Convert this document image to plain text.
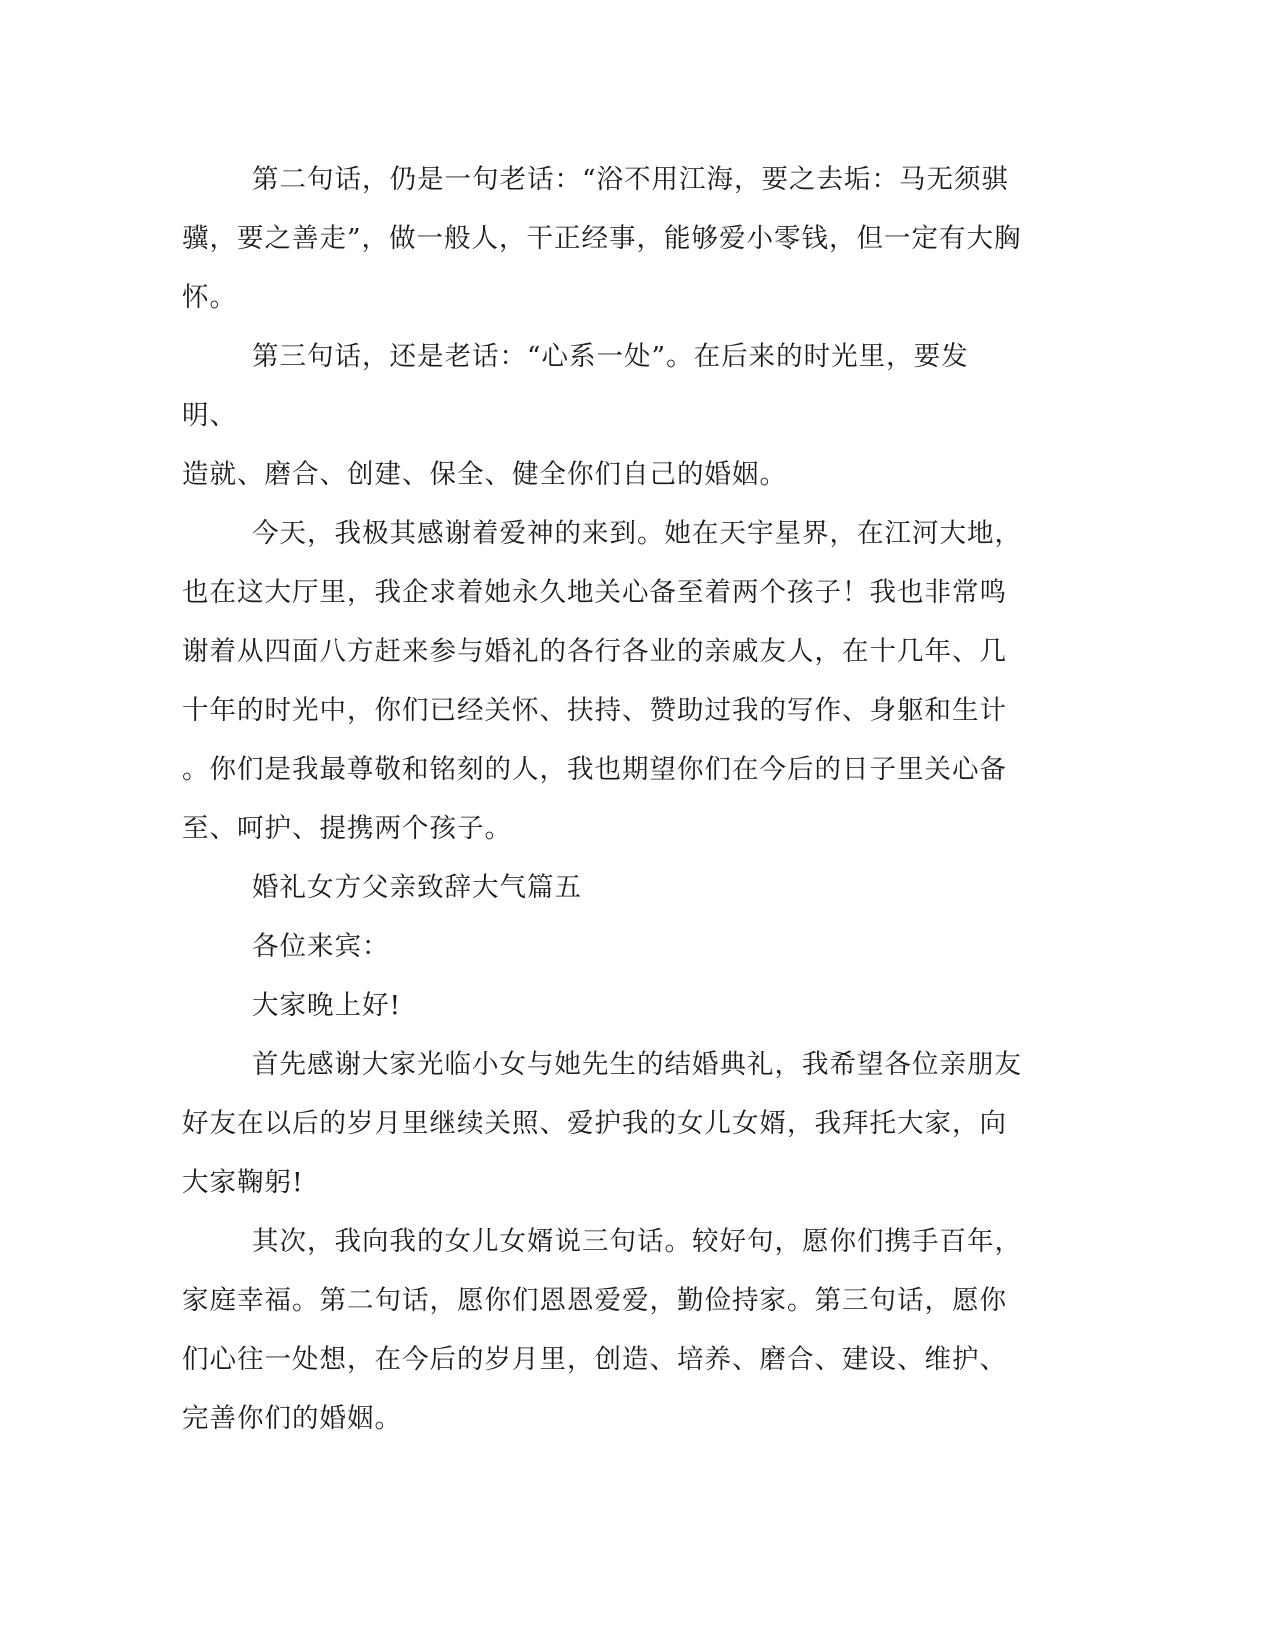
第二句话，仍是一句老话：“浴不用江海，要之去垢：马无须骐
骥，要之善走”，做一般人，干正经事，能够爱小零钱，但一定有大胸
怀。

第三句话，还是老话：“心系一处”。在后来的时光里，要发明、
造就、磨合、创建、保全、健全你们自己的婚姻。

今天，我极其感谢着爱神的来到。她在天宇星界，在江河大地，
也在这大厅里，我企求着她永久地关心备至着两个孩子！我也非常鸣
谢着从四面八方赶来参与婚礼的各行各业的亲戚友人，在十几年、几
十年的时光中，你们已经关怀、扶持、赞助过我的写作、身躯和生计
。你们是我最尊敬和铭刻的人，我也期望你们在今后的日子里关心备
至、呵护、提携两个孩子。

婚礼女方父亲致辞大气篇五

各位来宾：

大家晚上好!

首先感谢大家光临小女与她先生的结婚典礼，我希望各位亲朋友
好友在以后的岁月里继续关照、爱护我的女儿女婿，我拜托大家，向
大家鞠躬!

其次，我向我的女儿女婿说三句话。较好句，愿你们携手百年，
家庭幸福。第二句话，愿你们恩恩爱爱，勤俭持家。第三句话，愿你
们心往一处想，在今后的岁月里，创造、培养、磨合、建设、维护、
完善你们的婚姻。
